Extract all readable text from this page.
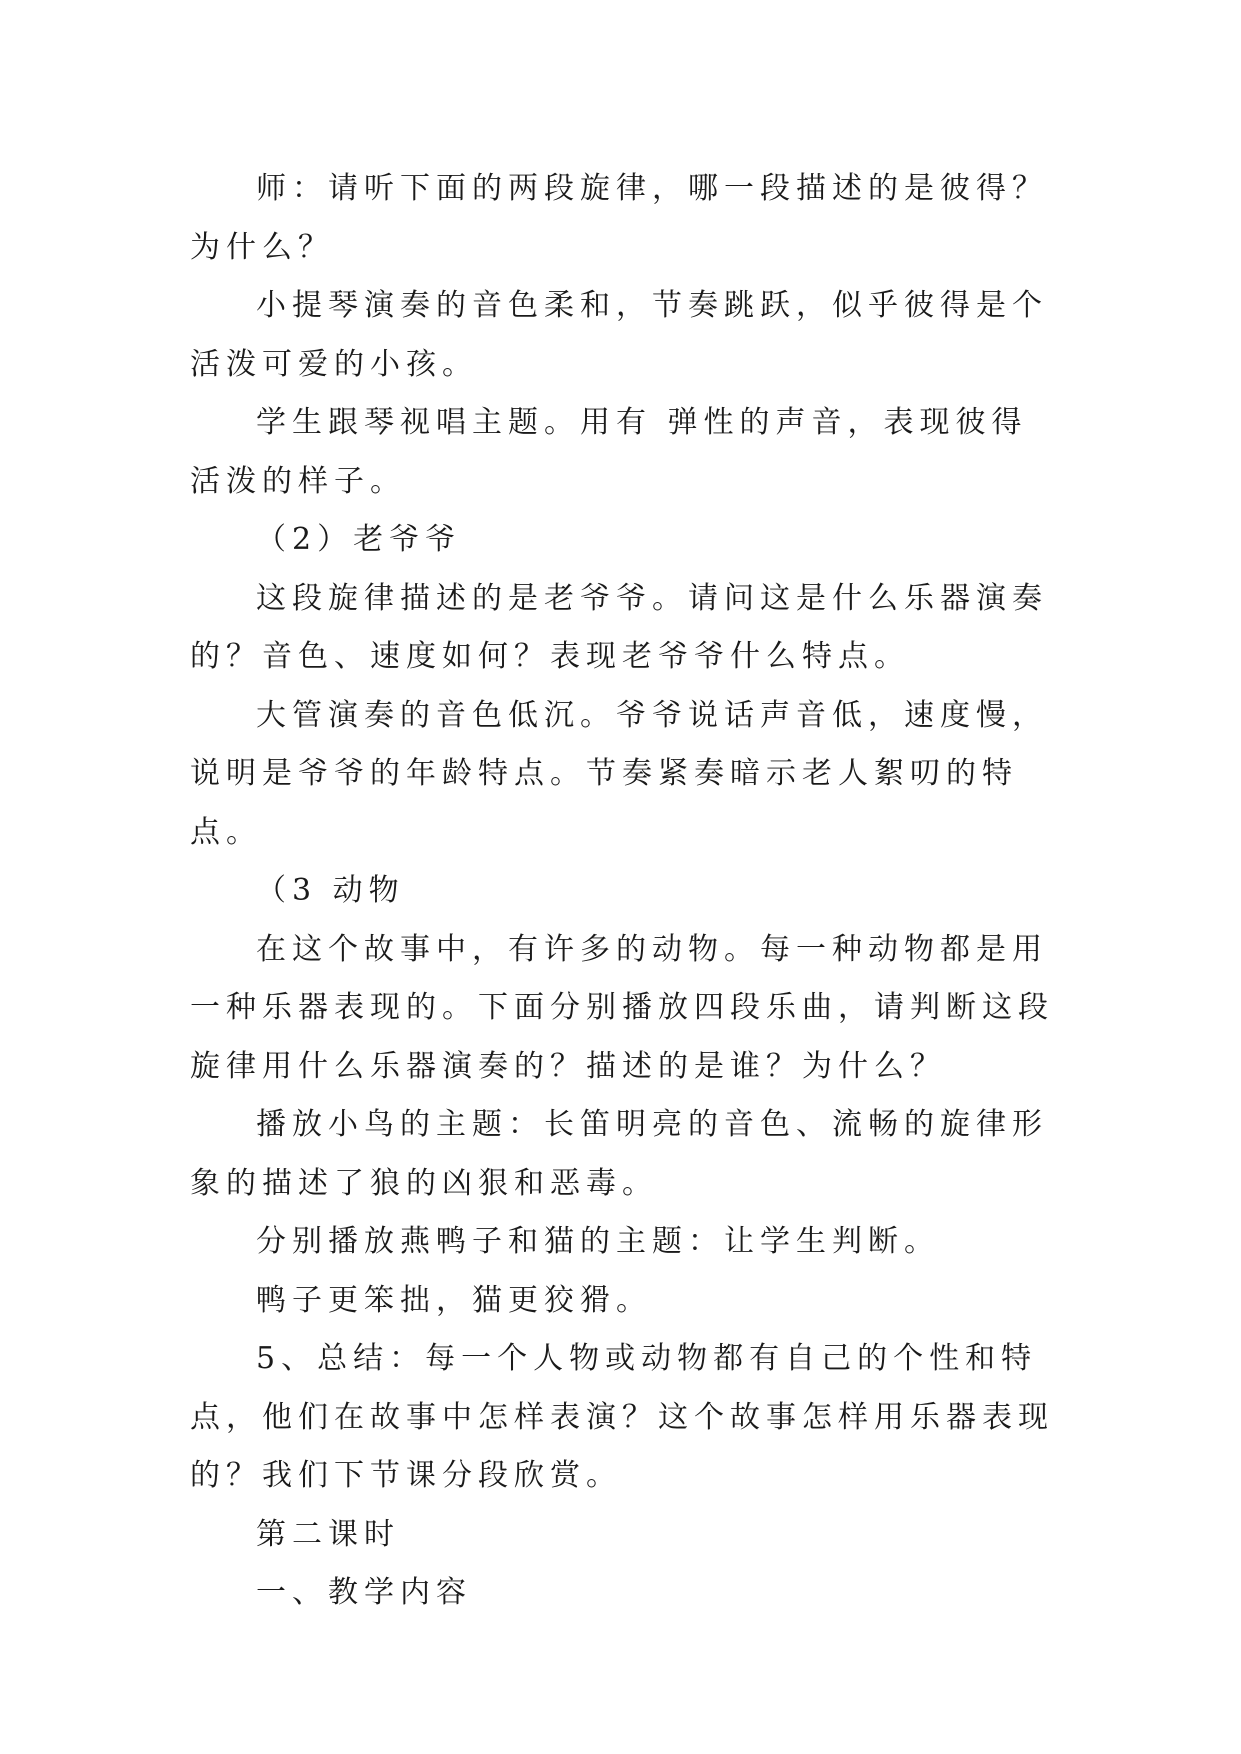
师：请听下面的两段旋律，哪一段描述的是彼得？为什么？

小提琴演奏的音色柔和，节奏跳跃，似乎彼得是个活泼可爱的小孩。

学生跟琴视唱主题。用有 弹性的声音，表现彼得活泼的样子。

（2）老爷爷

这段旋律描述的是老爷爷。请问这是什么乐器演奏的？音色、速度如何？表现老爷爷什么特点。

大管演奏的音色低沉。爷爷说话声音低，速度慢，说明是爷爷的年龄特点。节奏紧奏暗示老人絮叨的特点。

（3 动物

在这个故事中，有许多的动物。每一种动物都是用一种乐器表现的。下面分别播放四段乐曲，请判断这段旋律用什么乐器演奏的？描述的是谁？为什么？

播放小鸟的主题：长笛明亮的音色、流畅的旋律形象的描述了狼的凶狠和恶毒。

分别播放燕鸭子和猫的主题：让学生判断。

鸭子更笨拙，猫更狡猾。

5、总结：每一个人物或动物都有自己的个性和特点，他们在故事中怎样表演？这个故事怎样用乐器表现的？我们下节课分段欣赏。

第二课时

一、教学内容
